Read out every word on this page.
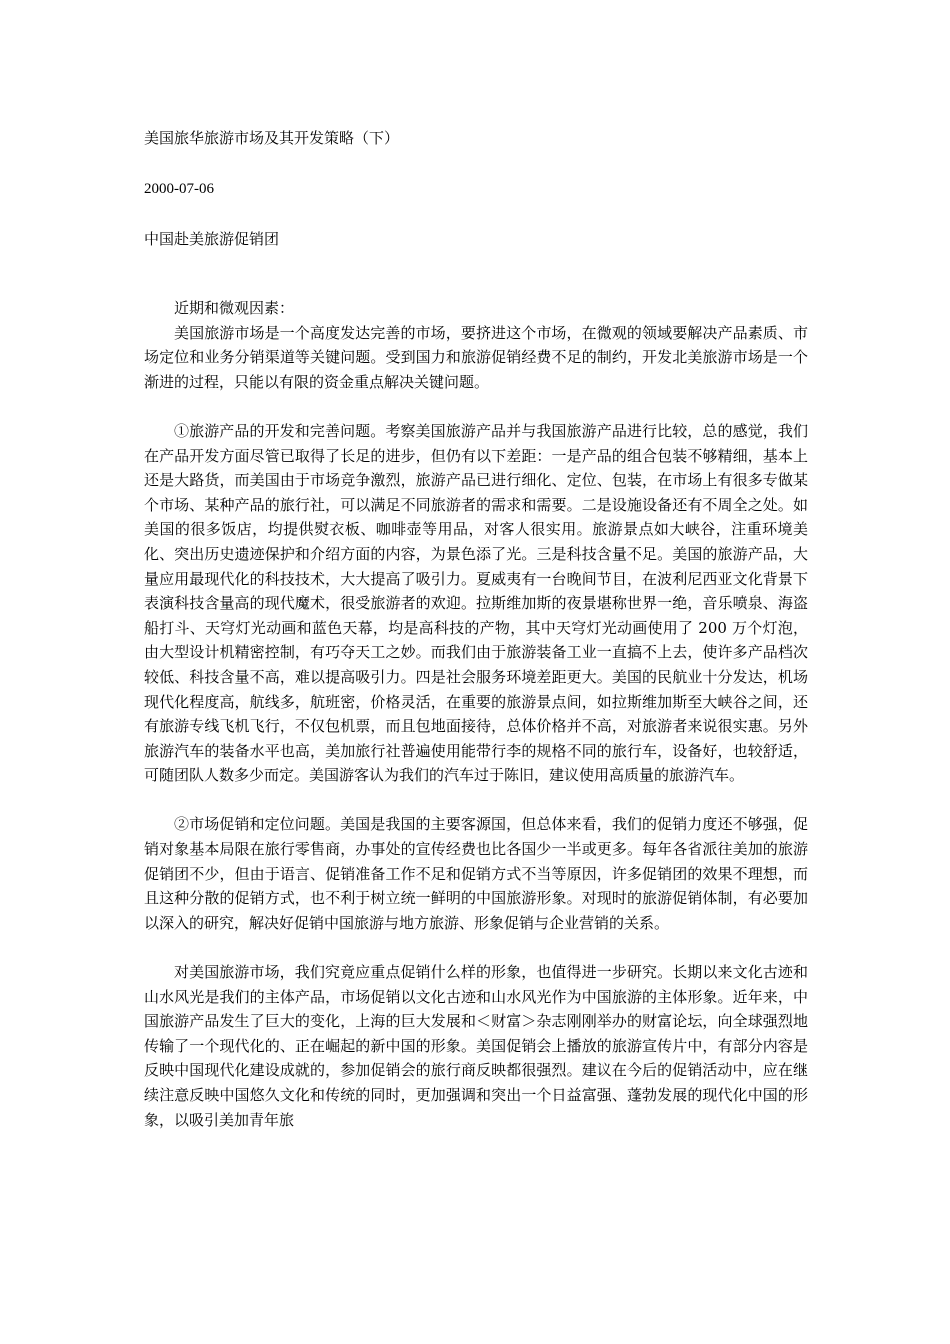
美国旅华旅游市场及其开发策略（下）
2000-07-06
中国赴美旅游促销团

近期和微观因素：

美国旅游市场是一个高度发达完善的市场，要挤进这个市场，在微观的领域要解决产品素质、市场定位和业务分销渠道等关键问题。受到国力和旅游促销经费不足的制约，开发北美旅游市场是一个渐进的过程，只能以有限的资金重点解决关键问题。

①旅游产品的开发和完善问题。考察美国旅游产品并与我国旅游产品进行比较，总的感觉，我们在产品开发方面尽管已取得了长足的进步，但仍有以下差距：一是产品的组合包装不够精细，基本上还是大路货，而美国由于市场竞争激烈，旅游产品已进行细化、定位、包装，在市场上有很多专做某个市场、某种产品的旅行社，可以满足不同旅游者的需求和需要。二是设施设备还有不周全之处。如美国的很多饭店，均提供熨衣板、咖啡壶等用品，对客人很实用。旅游景点如大峡谷，注重环境美化、突出历史遗迹保护和介绍方面的内容，为景色添了光。三是科技含量不足。美国的旅游产品，大量应用最现代化的科技技术，大大提高了吸引力。夏威夷有一台晚间节目，在波利尼西亚文化背景下表演科技含量高的现代魔术，很受旅游者的欢迎。拉斯维加斯的夜景堪称世界一绝，音乐喷泉、海盗船打斗、天穹灯光动画和蓝色天幕，均是高科技的产物，其中天穹灯光动画使用了 200 万个灯泡，由大型设计机精密控制，有巧夺天工之妙。而我们由于旅游装备工业一直搞不上去，使许多产品档次较低、科技含量不高，难以提高吸引力。四是社会服务环境差距更大。美国的民航业十分发达，机场现代化程度高，航线多，航班密，价格灵活，在重要的旅游景点间，如拉斯维加斯至大峡谷之间，还有旅游专线飞机飞行，不仅包机票，而且包地面接待，总体价格并不高，对旅游者来说很实惠。另外旅游汽车的装备水平也高，美加旅行社普遍使用能带行李的规格不同的旅行车，设备好，也较舒适，可随团队人数多少而定。美国游客认为我们的汽车过于陈旧，建议使用高质量的旅游汽车。

②市场促销和定位问题。美国是我国的主要客源国，但总体来看，我们的促销力度还不够强，促销对象基本局限在旅行零售商，办事处的宣传经费也比各国少一半或更多。每年各省派往美加的旅游促销团不少，但由于语言、促销准备工作不足和促销方式不当等原因，许多促销团的效果不理想，而且这种分散的促销方式，也不利于树立统一鲜明的中国旅游形象。对现时的旅游促销体制，有必要加以深入的研究，解决好促销中国旅游与地方旅游、形象促销与企业营销的关系。

对美国旅游市场，我们究竟应重点促销什么样的形象，也值得进一步研究。长期以来文化古迹和山水风光是我们的主体产品，市场促销以文化古迹和山水风光作为中国旅游的主体形象。近年来，中国旅游产品发生了巨大的变化，上海的巨大发展和＜财富＞杂志刚刚举办的财富论坛，向全球强烈地传输了一个现代化的、正在崛起的新中国的形象。美国促销会上播放的旅游宣传片中，有部分内容是反映中国现代化建设成就的，参加促销会的旅行商反映都很强烈。建议在今后的促销活动中，应在继续注意反映中国悠久文化和传统的同时，更加强调和突出一个日益富强、蓬勃发展的现代化中国的形象，以吸引美加青年旅
